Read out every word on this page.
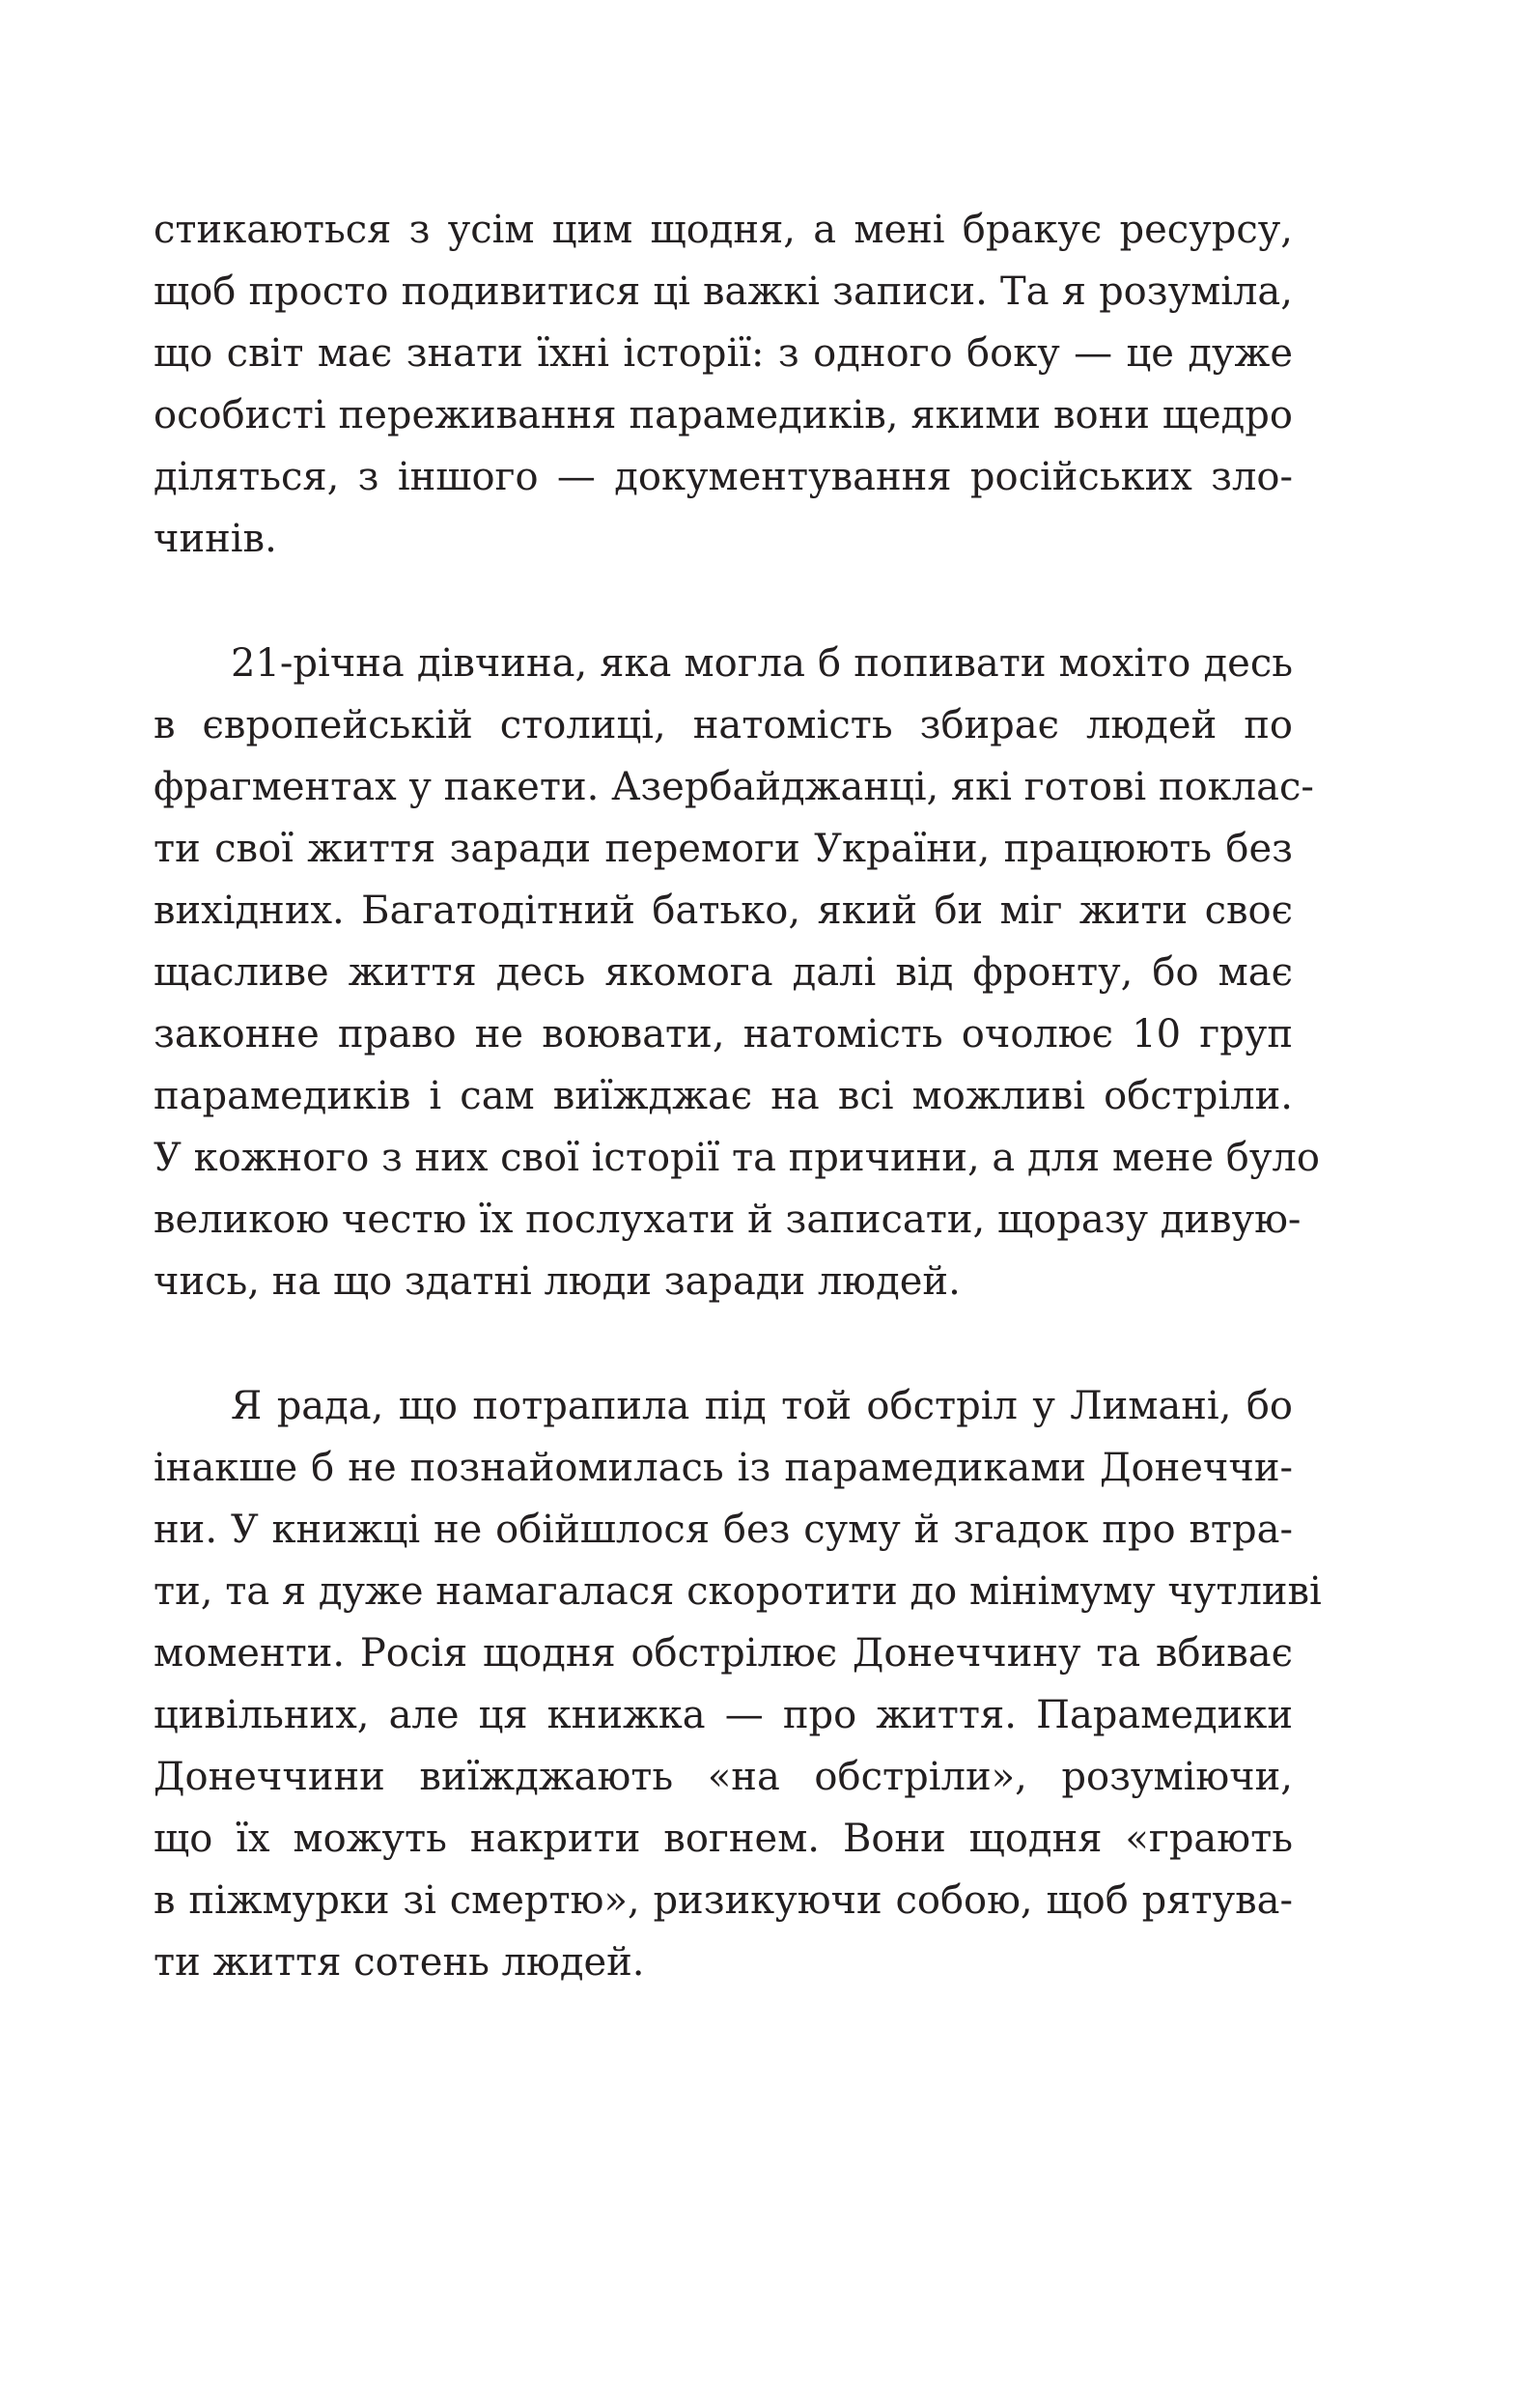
стикаються з усім цим щодня, а мені бракує ресурсу,
щоб просто подивитися ці важкі записи. Та я розуміла,
що світ має знати їхні історії: з одного боку — це дуже
особисті переживання парамедиків, якими вони щедро
діляться, з іншого — документування російських зло-
чинів.

21-річна дівчина, яка могла б попивати мохіто десь
в європейській столиці, натомість збирає людей по
фрагментах у пакети. Азербайджанці, які готові поклас-
ти свої життя заради перемоги України, працюють без
вихідних. Багатодітний батько, який би міг жити своє
щасливе життя десь якомога далі від фронту, бо має
законне право не воювати, натомість очолює 10 груп
парамедиків і сам виїжджає на всі можливі обстріли.
У кожного з них свої історії та причини, а для мене було
великою честю їх послухати й записати, щоразу дивую-
чись, на що здатні люди заради людей.

Я рада, що потрапила під той обстріл у Лимані, бо
інакше б не познайомилась із парамедиками Донеччи-
ни. У книжці не обійшлося без суму й згадок про втра-
ти, та я дуже намагалася скоротити до мінімуму чутливі
моменти. Росія щодня обстрілює Донеччину та вбиває
цивільних, але ця книжка — про життя. Парамедики
Донеччини виїжджають «на обстріли», розуміючи,
що їх можуть накрити вогнем. Вони щодня «грають
в піжмурки зі смертю», ризикуючи собою, щоб рятува-
ти життя сотень людей.
